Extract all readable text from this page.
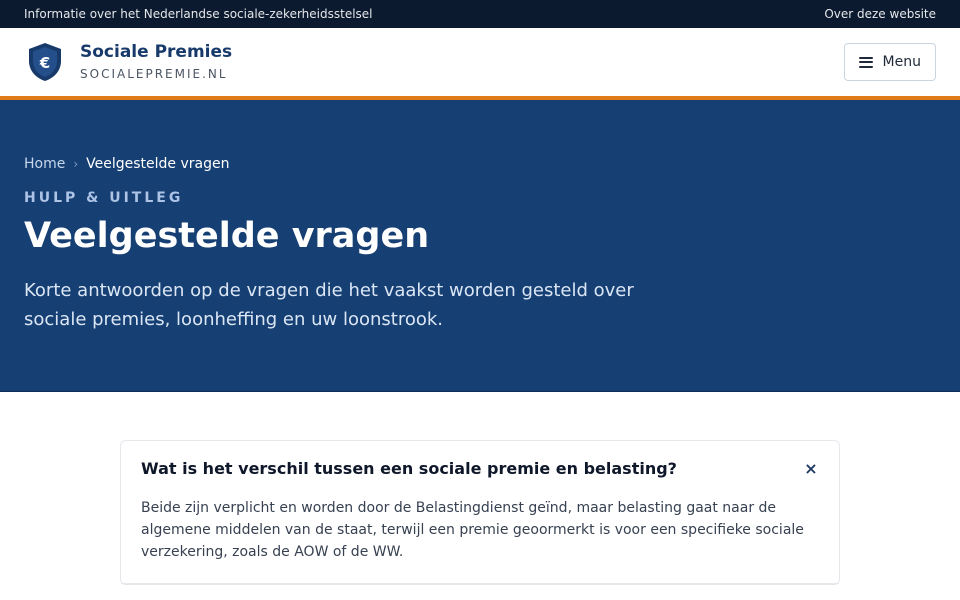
Informatie over het Nederlandse sociale-zekerheidsstelsel	Over deze website
€
Sociale Premies
SOCIALEPREMIE.NL
Menu
Home › Veelgestelde vragen
HULP & UITLEG
Veelgestelde vragen

Korte antwoorden op de vragen die het vaakst worden gesteld over sociale premies, loonheffing en uw loonstrook.

Wat is het verschil tussen een sociale premie en belasting?	×

Beide zijn verplicht en worden door de Belastingdienst geïnd, maar belasting gaat naar de algemene middelen van de staat, terwijl een premie geoormerkt is voor een specifieke sociale verzekering, zoals de AOW of de WW.
